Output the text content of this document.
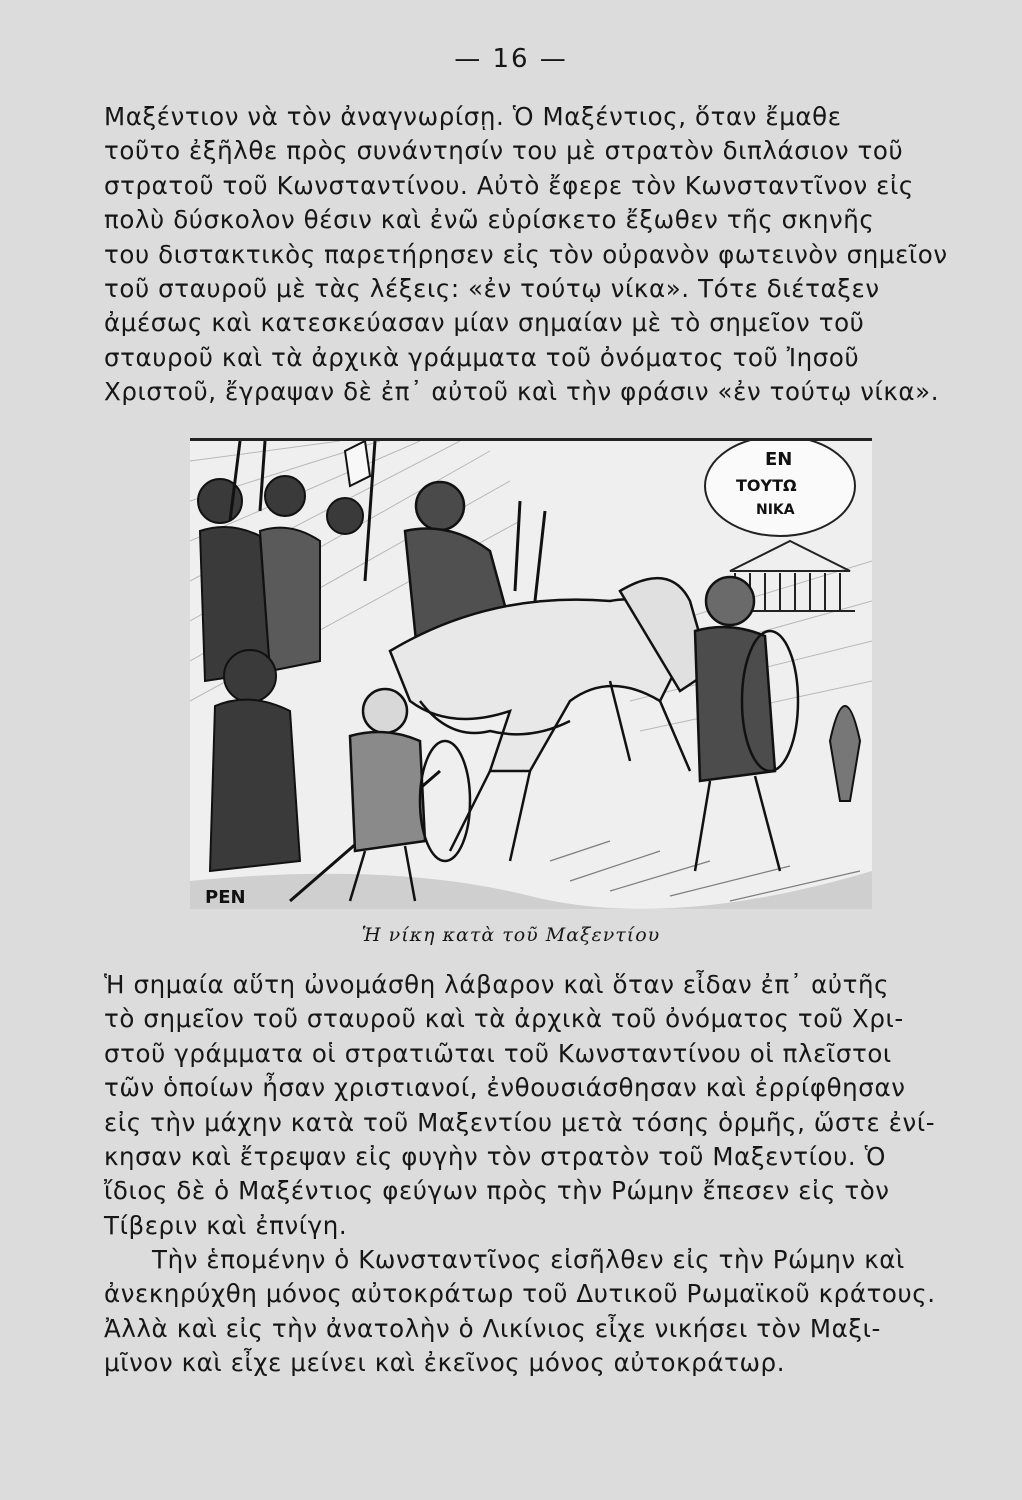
— 16 —
Μαξέντιον νὰ τὸν ἀναγνωρίσῃ. Ὁ Μαξέντιος, ὅταν ἔμαθε
τοῦτο ἐξῆλθε πρὸς συνάντησίν του μὲ στρατὸν διπλάσιον τοῦ
στρατοῦ τοῦ Κωνσταντίνου. Αὐτὸ ἔφερε τὸν Κωνσταντῖνον εἰς
πολὺ δύσκολον θέσιν καὶ ἐνῶ εὑρίσκετο ἔξωθεν τῆς σκηνῆς
του διστακτικὸς παρετήρησεν εἰς τὸν οὐρανὸν φωτεινὸν σημεῖον
τοῦ σταυροῦ μὲ τὰς λέξεις: «ἐν τούτῳ νίκα». Τότε διέταξεν
ἀμέσως καὶ κατεσκεύασαν μίαν σημαίαν μὲ τὸ σημεῖον τοῦ
σταυροῦ καὶ τὰ ἀρχικὰ γράμματα τοῦ ὀνόματος τοῦ Ἰησοῦ
Χριστοῦ, ἔγραψαν δὲ ἐπ᾽ αὐτοῦ καὶ τὴν φράσιν «ἐν τούτῳ νίκα».
ΕΝ
ΤΟΥΤΩ
ΝΙΚΑ
ΡΕΝ
Ἡ νίκη κατὰ τοῦ Μαξεντίου
Ἡ σημαία αὕτη ὠνομάσθη λάβαρον καὶ ὅταν εἶδαν ἐπ᾽ αὐτῆς
τὸ σημεῖον τοῦ σταυροῦ καὶ τὰ ἀρχικὰ τοῦ ὀνόματος τοῦ Χρι-
στοῦ γράμματα οἱ στρατιῶται τοῦ Κωνσταντίνου οἱ πλεῖστοι
τῶν ὁποίων ἦσαν χριστιανοί, ἐνθουσιάσθησαν καὶ ἐρρίφθησαν
εἰς τὴν μάχην κατὰ τοῦ Μαξεντίου μετὰ τόσης ὁρμῆς, ὥστε ἐνί-
κησαν καὶ ἔτρεψαν εἰς φυγὴν τὸν στρατὸν τοῦ Μαξεντίου. Ὁ
ἴδιος δὲ ὁ Μαξέντιος φεύγων πρὸς τὴν Ρώμην ἔπεσεν εἰς τὸν
Τίβεριν καὶ ἐπνίγη.
Τὴν ἑπομένην ὁ Κωνσταντῖνος εἰσῆλθεν εἰς τὴν Ρώμην καὶ
ἀνεκηρύχθη μόνος αὐτοκράτωρ τοῦ Δυτικοῦ Ρωμαϊκοῦ κράτους.
Ἀλλὰ καὶ εἰς τὴν ἀνατολὴν ὁ Λικίνιος εἶχε νικήσει τὸν Μαξι-
μῖνον καὶ εἶχε μείνει καὶ ἐκεῖνος μόνος αὐτοκράτωρ.
